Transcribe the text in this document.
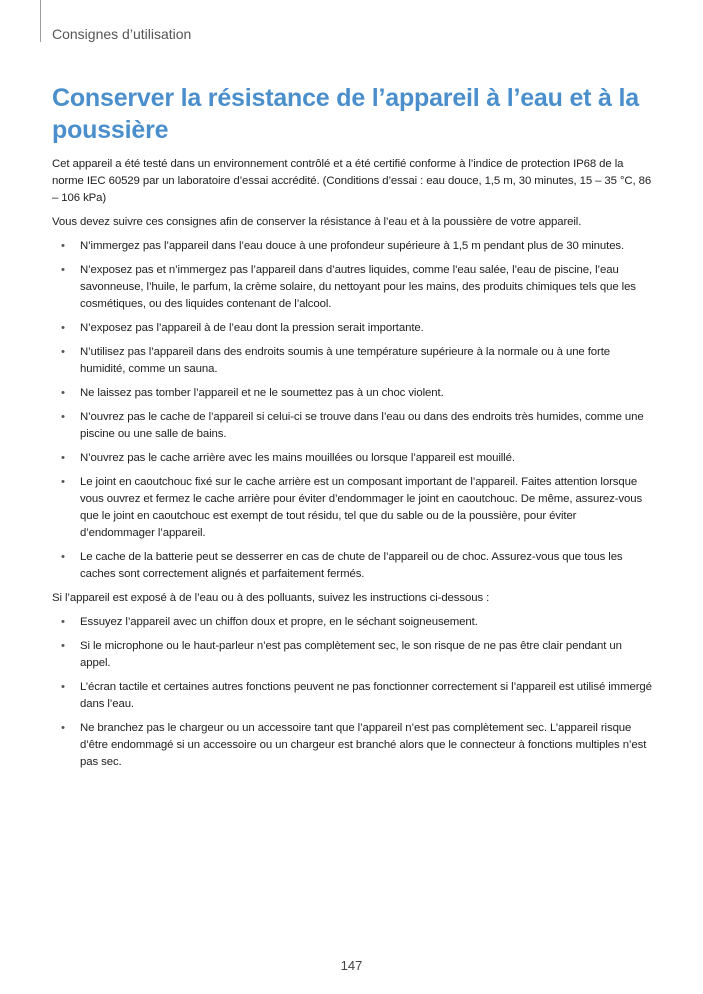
Consignes d’utilisation
Conserver la résistance de l’appareil à l’eau et à la poussière

Cet appareil a été testé dans un environnement contrôlé et a été certifié conforme à l’indice de protection IP68 de la norme IEC 60529 par un laboratoire d’essai accrédité. (Conditions d’essai : eau douce, 1,5 m, 30 minutes, 15 – 35 °C, 86 – 106 kPa)

Vous devez suivre ces consignes afin de conserver la résistance à l’eau et à la poussière de votre appareil.

• N’immergez pas l’appareil dans l’eau douce à une profondeur supérieure à 1,5 m pendant plus de 30 minutes.
• N’exposez pas et n’immergez pas l’appareil dans d’autres liquides, comme l’eau salée, l’eau de piscine, l’eau savonneuse, l’huile, le parfum, la crème solaire, du nettoyant pour les mains, des produits chimiques tels que les cosmétiques, ou des liquides contenant de l’alcool.
• N’exposez pas l’appareil à de l’eau dont la pression serait importante.
• N’utilisez pas l’appareil dans des endroits soumis à une température supérieure à la normale ou à une forte humidité, comme un sauna.
• Ne laissez pas tomber l’appareil et ne le soumettez pas à un choc violent.
• N’ouvrez pas le cache de l’appareil si celui-ci se trouve dans l’eau ou dans des endroits très humides, comme une piscine ou une salle de bains.
• N’ouvrez pas le cache arrière avec les mains mouillées ou lorsque l’appareil est mouillé.
• Le joint en caoutchouc fixé sur le cache arrière est un composant important de l’appareil. Faites attention lorsque vous ouvrez et fermez le cache arrière pour éviter d’endommager le joint en caoutchouc. De même, assurez-vous que le joint en caoutchouc est exempt de tout résidu, tel que du sable ou de la poussière, pour éviter d’endommager l’appareil.
• Le cache de la batterie peut se desserrer en cas de chute de l’appareil ou de choc. Assurez-vous que tous les caches sont correctement alignés et parfaitement fermés.

Si l’appareil est exposé à de l’eau ou à des polluants, suivez les instructions ci-dessous :

• Essuyez l’appareil avec un chiffon doux et propre, en le séchant soigneusement.
• Si le microphone ou le haut-parleur n’est pas complètement sec, le son risque de ne pas être clair pendant un appel.
• L’écran tactile et certaines autres fonctions peuvent ne pas fonctionner correctement si l’appareil est utilisé immergé dans l’eau.
• Ne branchez pas le chargeur ou un accessoire tant que l’appareil n’est pas complètement sec. L’appareil risque d’être endommagé si un accessoire ou un chargeur est branché alors que le connecteur à fonctions multiples n’est pas sec.
147
